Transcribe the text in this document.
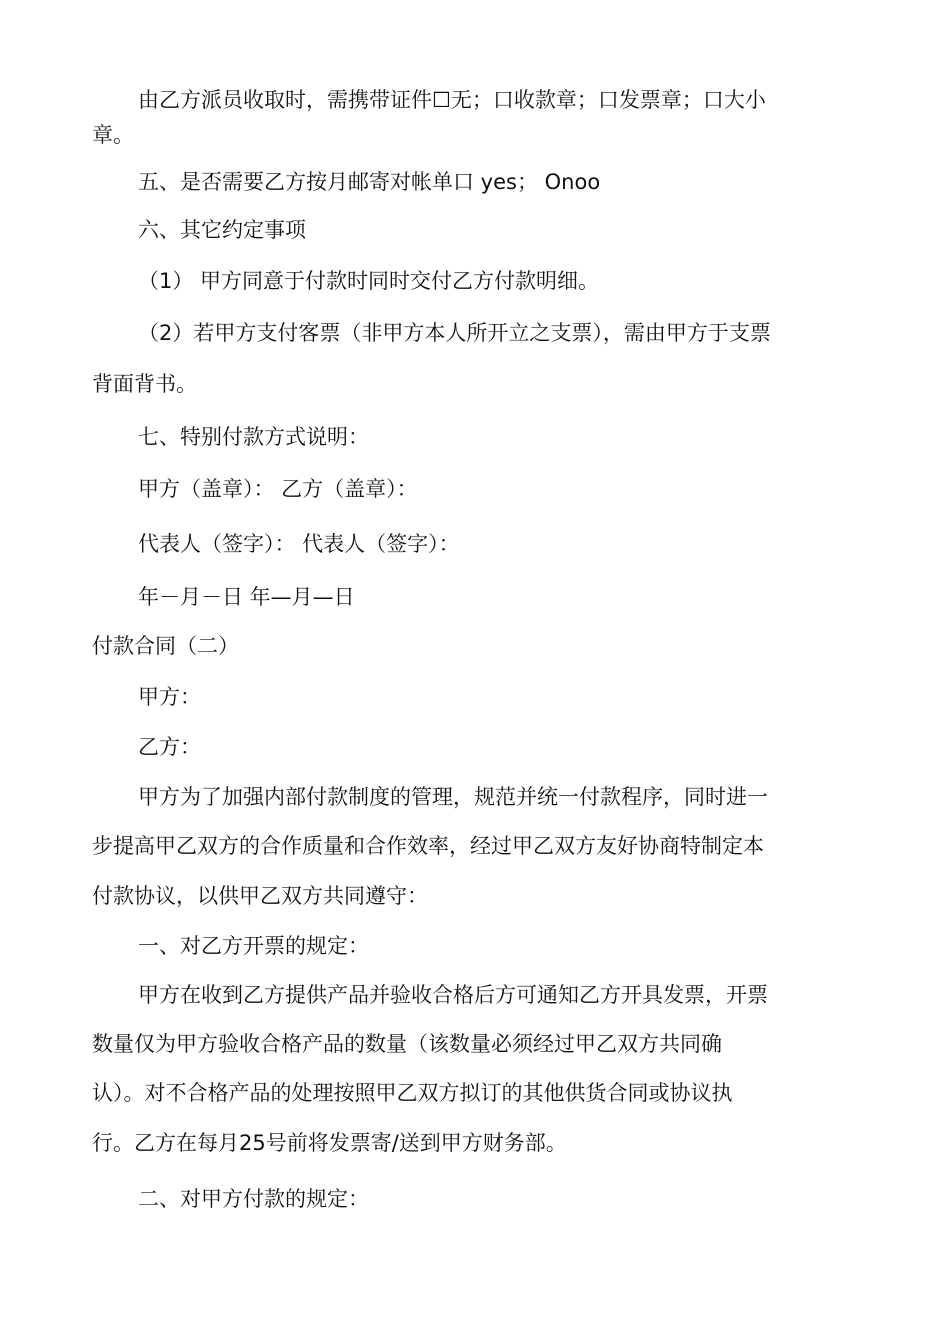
由乙方派员收取时，需携带证件☐无；口收款章；口发票章；口大小
章。
五、是否需要乙方按月邮寄对帐单口 yes； Onoo
六、其它约定事项
（1） 甲方同意于付款时同时交付乙方付款明细。
（2）若甲方支付客票（非甲方本人所开立之支票），需由甲方于支票
背面背书。
七、特别付款方式说明：
甲方（盖章）： 乙方（盖章）：
代表人（签字）： 代表人（签字）：
年－月－日 年—月—日
付款合同（二）
甲方：
乙方：
甲方为了加强内部付款制度的管理，规范并统一付款程序，同时进一
步提高甲乙双方的合作质量和合作效率，经过甲乙双方友好协商特制定本
付款协议，以供甲乙双方共同遵守：
一、对乙方开票的规定：
甲方在收到乙方提供产品并验收合格后方可通知乙方开具发票，开票
数量仅为甲方验收合格产品的数量（该数量必须经过甲乙双方共同确
认）。对不合格产品的处理按照甲乙双方拟订的其他供货合同或协议执
行。乙方在每月25号前将发票寄/送到甲方财务部。
二、对甲方付款的规定：
